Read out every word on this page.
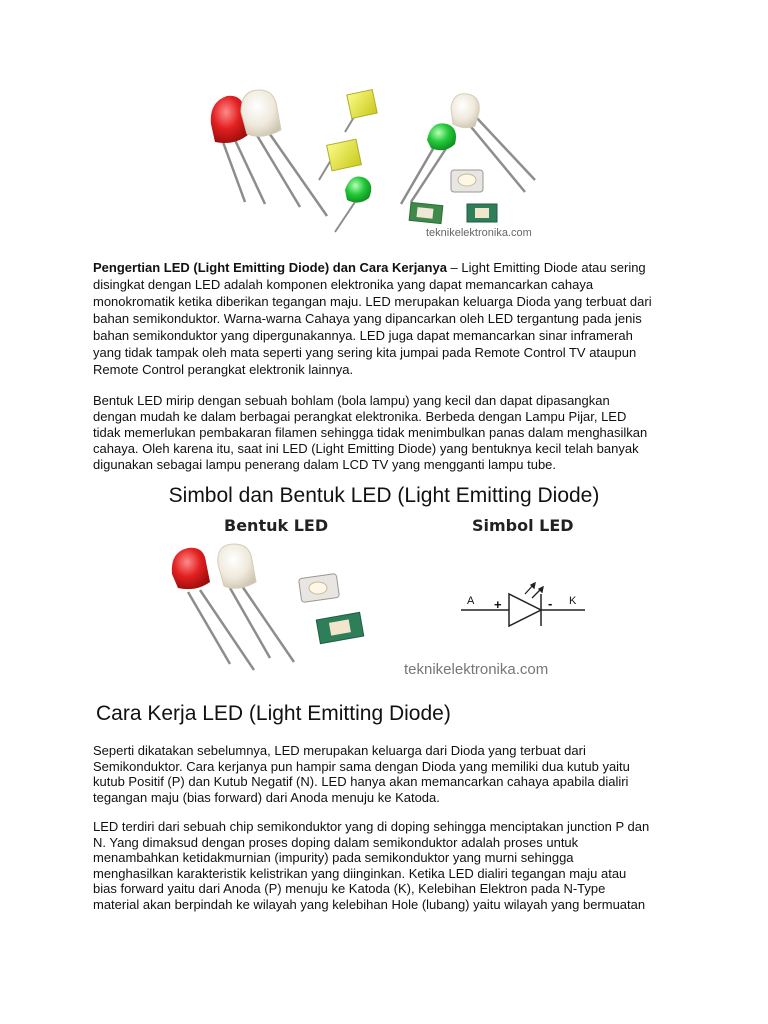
teknikelektronika.com

Pengertian LED (Light Emitting Diode) dan Cara Kerjanya – Light Emitting Diode atau sering
disingkat dengan LED adalah komponen elektronika yang dapat memancarkan cahaya
monokromatik ketika diberikan tegangan maju. LED merupakan keluarga Dioda yang terbuat dari
bahan semikonduktor. Warna-warna Cahaya yang dipancarkan oleh LED tergantung pada jenis
bahan semikonduktor yang dipergunakannya. LED juga dapat memancarkan sinar inframerah
yang tidak tampak oleh mata seperti yang sering kita jumpai pada Remote Control TV ataupun
Remote Control perangkat elektronik lainnya.

Bentuk LED mirip dengan sebuah bohlam (bola lampu) yang kecil dan dapat dipasangkan
dengan mudah ke dalam berbagai perangkat elektronika. Berbeda dengan Lampu Pijar, LED
tidak memerlukan pembakaran filamen sehingga tidak menimbulkan panas dalam menghasilkan
cahaya. Oleh karena itu, saat ini LED (Light Emitting Diode) yang bentuknya kecil telah banyak
digunakan sebagai lampu penerang dalam LCD TV yang mengganti lampu tube.

Simbol dan Bentuk LED (Light Emitting Diode)
Bentuk LED	Simbol LED
A +	- K
teknikelektronika.com
Cara Kerja LED (Light Emitting Diode)

Seperti dikatakan sebelumnya, LED merupakan keluarga dari Dioda yang terbuat dari
Semikonduktor. Cara kerjanya pun hampir sama dengan Dioda yang memiliki dua kutub yaitu
kutub Positif (P) dan Kutub Negatif (N). LED hanya akan memancarkan cahaya apabila dialiri
tegangan maju (bias forward) dari Anoda menuju ke Katoda.

LED terdiri dari sebuah chip semikonduktor yang di doping sehingga menciptakan junction P dan
N. Yang dimaksud dengan proses doping dalam semikonduktor adalah proses untuk
menambahkan ketidakmurnian (impurity) pada semikonduktor yang murni sehingga
menghasilkan karakteristik kelistrikan yang diinginkan. Ketika LED dialiri tegangan maju atau
bias forward yaitu dari Anoda (P) menuju ke Katoda (K), Kelebihan Elektron pada N-Type
material akan berpindah ke wilayah yang kelebihan Hole (lubang) yaitu wilayah yang bermuatan
